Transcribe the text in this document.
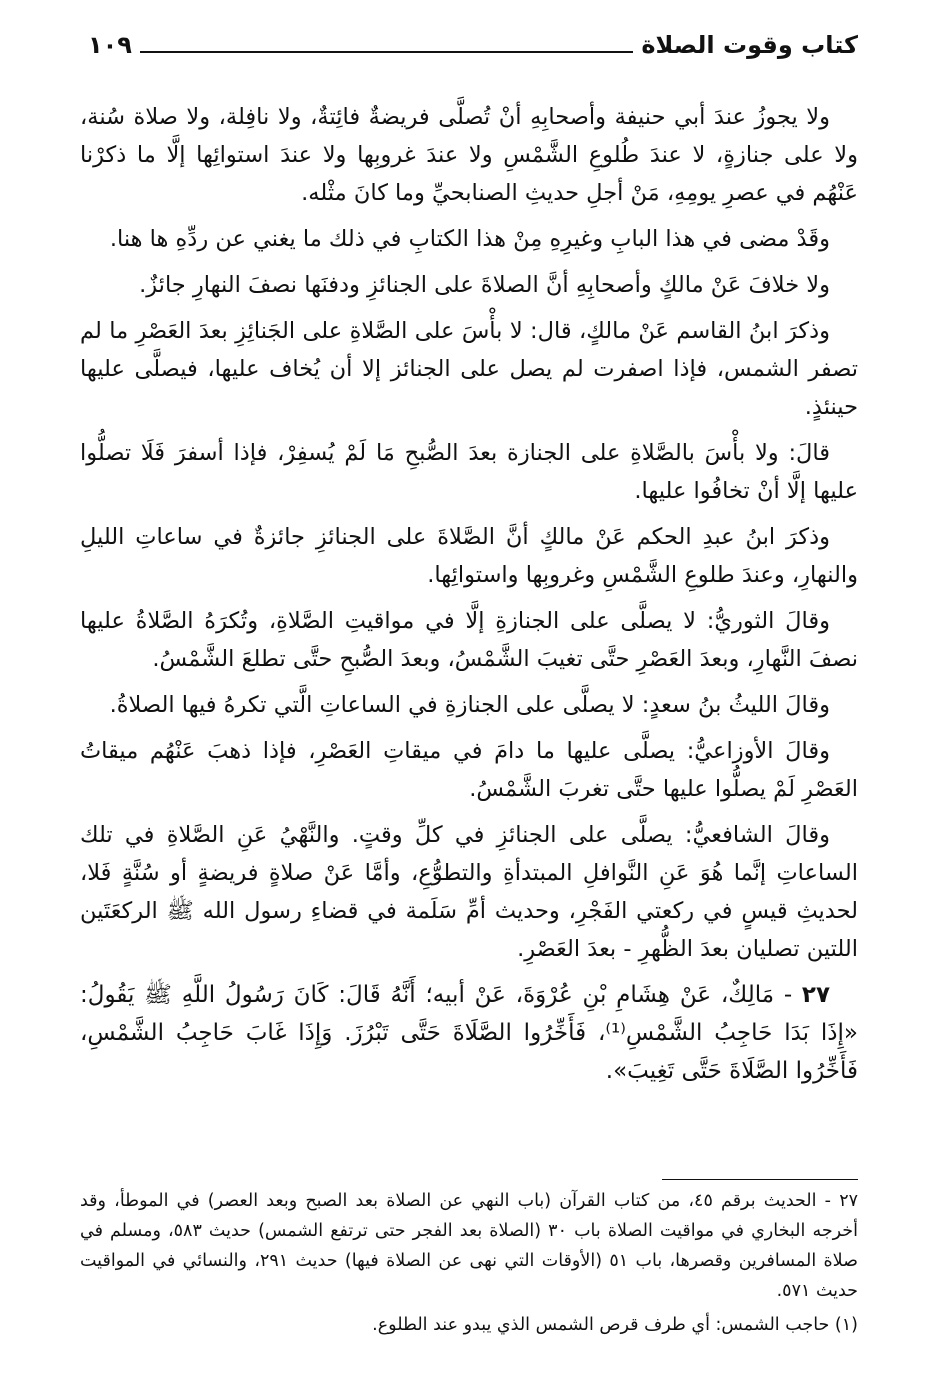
كتاب وقوت الصلاة
١٠٩

ولا يجوزُ عندَ أبي حنيفة وأصحابِهِ أنْ تُصلَّى فريضةٌ فائِتةٌ، ولا نافِلة، ولا صلاة سُنة، ولا على جنازةٍ، لا عندَ طُلوعِ الشَّمْسِ ولا عندَ غروبِها ولا عندَ استوائِها إلَّا ما ذكرْنا عَنْهُم في عصرِ يومِهِ، مَنْ أجلِ حديثِ الصنابحيِّ وما كانَ مثْله.

وقَدْ مضى في هذا البابِ وغيرِهِ مِنْ هذا الكتابِ في ذلك ما يغني عن ردِّهِ ها هنا.

ولا خلافَ عَنْ مالكٍ وأصحابِهِ أنَّ الصلاةَ على الجنائزِ ودفنَها نصفَ النهارِ جائزٌ.

وذكرَ ابنُ القاسم عَنْ مالكٍ، قال: لا بأْسَ على الصَّلاةِ على الجَنائِزِ بعدَ العَصْرِ ما لم تصفر الشمس، فإذا اصفرت لم يصل على الجنائز إلا أن يُخاف عليها، فيصلَّى عليها حينئذٍ.

قالَ: ولا بأْسَ بالصَّلاةِ على الجنازة بعدَ الصُّبحِ مَا لَمْ يُسفِرْ، فإذا أسفرَ فَلَا تصلُّوا عليها إلَّا أنْ تخافُوا عليها.

وذكرَ ابنُ عبدِ الحكم عَنْ مالكٍ أنَّ الصَّلاةَ على الجنائزِ جائزةٌ في ساعاتِ الليلِ والنهارِ، وعندَ طلوعِ الشَّمْسِ وغروبِها واستوائِها.

وقالَ الثوريُّ: لا يصلَّى على الجنازةِ إلَّا في مواقيتِ الصَّلاةِ، وتُكرَهُ الصَّلاةُ عليها نصفَ النَّهارِ، وبعدَ العَصْرِ حتَّى تغيبَ الشَّمْسُ، وبعدَ الصُّبحِ حتَّى تطلعَ الشَّمْسُ.

وقالَ الليثُ بنُ سعدٍ: لا يصلَّى على الجنازةِ في الساعاتِ الَّتي تكرهُ فيها الصلاةُ.

وقالَ الأوزاعيُّ: يصلَّى عليها ما دامَ في ميقاتِ العَصْرِ، فإذا ذهبَ عَنْهُم ميقاتُ العَصْرِ لَمْ يصلُّوا عليها حتَّى تغربَ الشَّمْسُ.

وقالَ الشافعيُّ: يصلَّى على الجنائزِ في كلِّ وقتٍ. والنَّهْيُ عَنِ الصَّلاةِ في تلك الساعاتِ إنَّما هُوَ عَنِ النَّوافلِ المبتدأةِ والتطوُّعِ، وأمَّا عَنْ صلاةٍ فريضةٍ أو سُنَّةٍ فَلا، لحديثِ قيسٍ في ركعتي الفَجْرِ، وحديث أمِّ سَلَمة في قضاءِ رسول الله ﷺ الركعَتَين اللتين تصليان بعدَ الظُّهرِ - بعدَ العَصْرِ.

٢٧ - مَالِكٌ، عَنْ هِشَامِ بْنِ عُرْوَةَ، عَنْ أبيه؛ أَنَّهُ قَالَ: كَانَ رَسُولُ اللَّهِ ﷺ يَقُولُ: «إِذَا بَدَا حَاجِبُ الشَّمْسِ⁽¹⁾، فَأَخِّرُوا الصَّلَاةَ حَتَّى تَبْرُزَ. وَإِذَا غَابَ حَاجِبُ الشَّمْسِ، فَأَخِّرُوا الصَّلَاةَ حَتَّى تَغِيبَ».

٢٧ - الحديث برقم ٤٥، من كتاب القرآن (باب النهي عن الصلاة بعد الصبح وبعد العصر) في الموطأ، وقد أخرجه البخاري في مواقيت الصلاة باب ٣٠ (الصلاة بعد الفجر حتى ترتفع الشمس) حديث ٥٨٣، ومسلم في صلاة المسافرين وقصرها، باب ٥١ (الأوقات التي نهى عن الصلاة فيها) حديث ٢٩١، والنسائي في المواقيت حديث ٥٧١.

(١) حاجب الشمس: أي طرف قرص الشمس الذي يبدو عند الطلوع.
